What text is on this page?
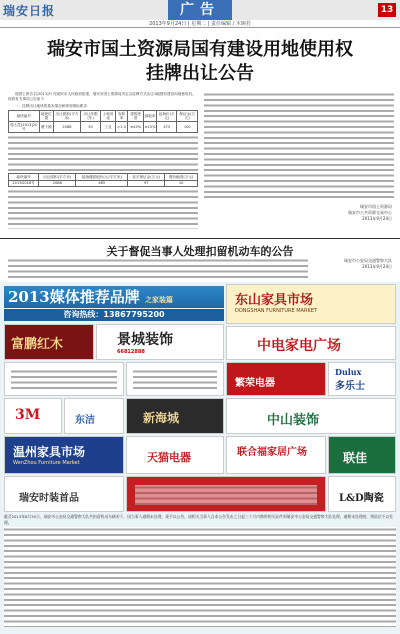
瑞安日报	广告	13
2013年9月24日 | 星期二 | 责任编辑 / 木婉若
瑞安市国土资源局国有建设用地使用权
挂牌出让公告

瑞国土资告字[2013]号 经瑞安市人民政府批准，瑞安市国土资源局决定以挂牌方式出让1幅国有建设用地使用权。现将有关事项公告如下：

一、挂牌出让地块的基本情况和规划指标要求：

地块编号	地块位置	出让面积(平方米)	出让年限(年)	土地用途	容积率	建筑密度	绿地率	起始价(万元)	保证金(万元)
瑞土挂[2013]20号	塘下镇	2088	50	工业	>1.0	≤45%	≥15%	475	100
地块编号	出让面积(平方米)	起始楼面地价(元/平方米)	竞买保证金(万元)	增价幅度(万元)
2013G018号	2088	485	97	10
瑞安市国土资源局
瑞安市公共资源交易中心
2013年9月24日
关于督促当事人处理扣留机动车的公告
瑞安市公安局交通警察大队
2013年9月24日
2013媒体推荐品牌 之家装篇
咨询热线：13867795200
东山家具市场
DONGSHAN FURNITURE MARKET
富鹏红木	景城装饰
66812888	中电家电广场
繁荣电器
Dulux
多乐士
3M	东洁	新海城	中山装饰
温州家具市场
WenZhou Furniture Market	天猫电器	联合福家居广场	联佳
瑞安时装首品	L&D陶瓷

截至2013年8月30日，瑞安市公安局交通警察大队共扣留机动车辆若干，因当事人逾期未处理，现予以公告。请相关当事人自本公告发布之日起三个月内携带相关证件到瑞安市公安局交通警察大队处理，逾期未处理的，将依法予以处理。
